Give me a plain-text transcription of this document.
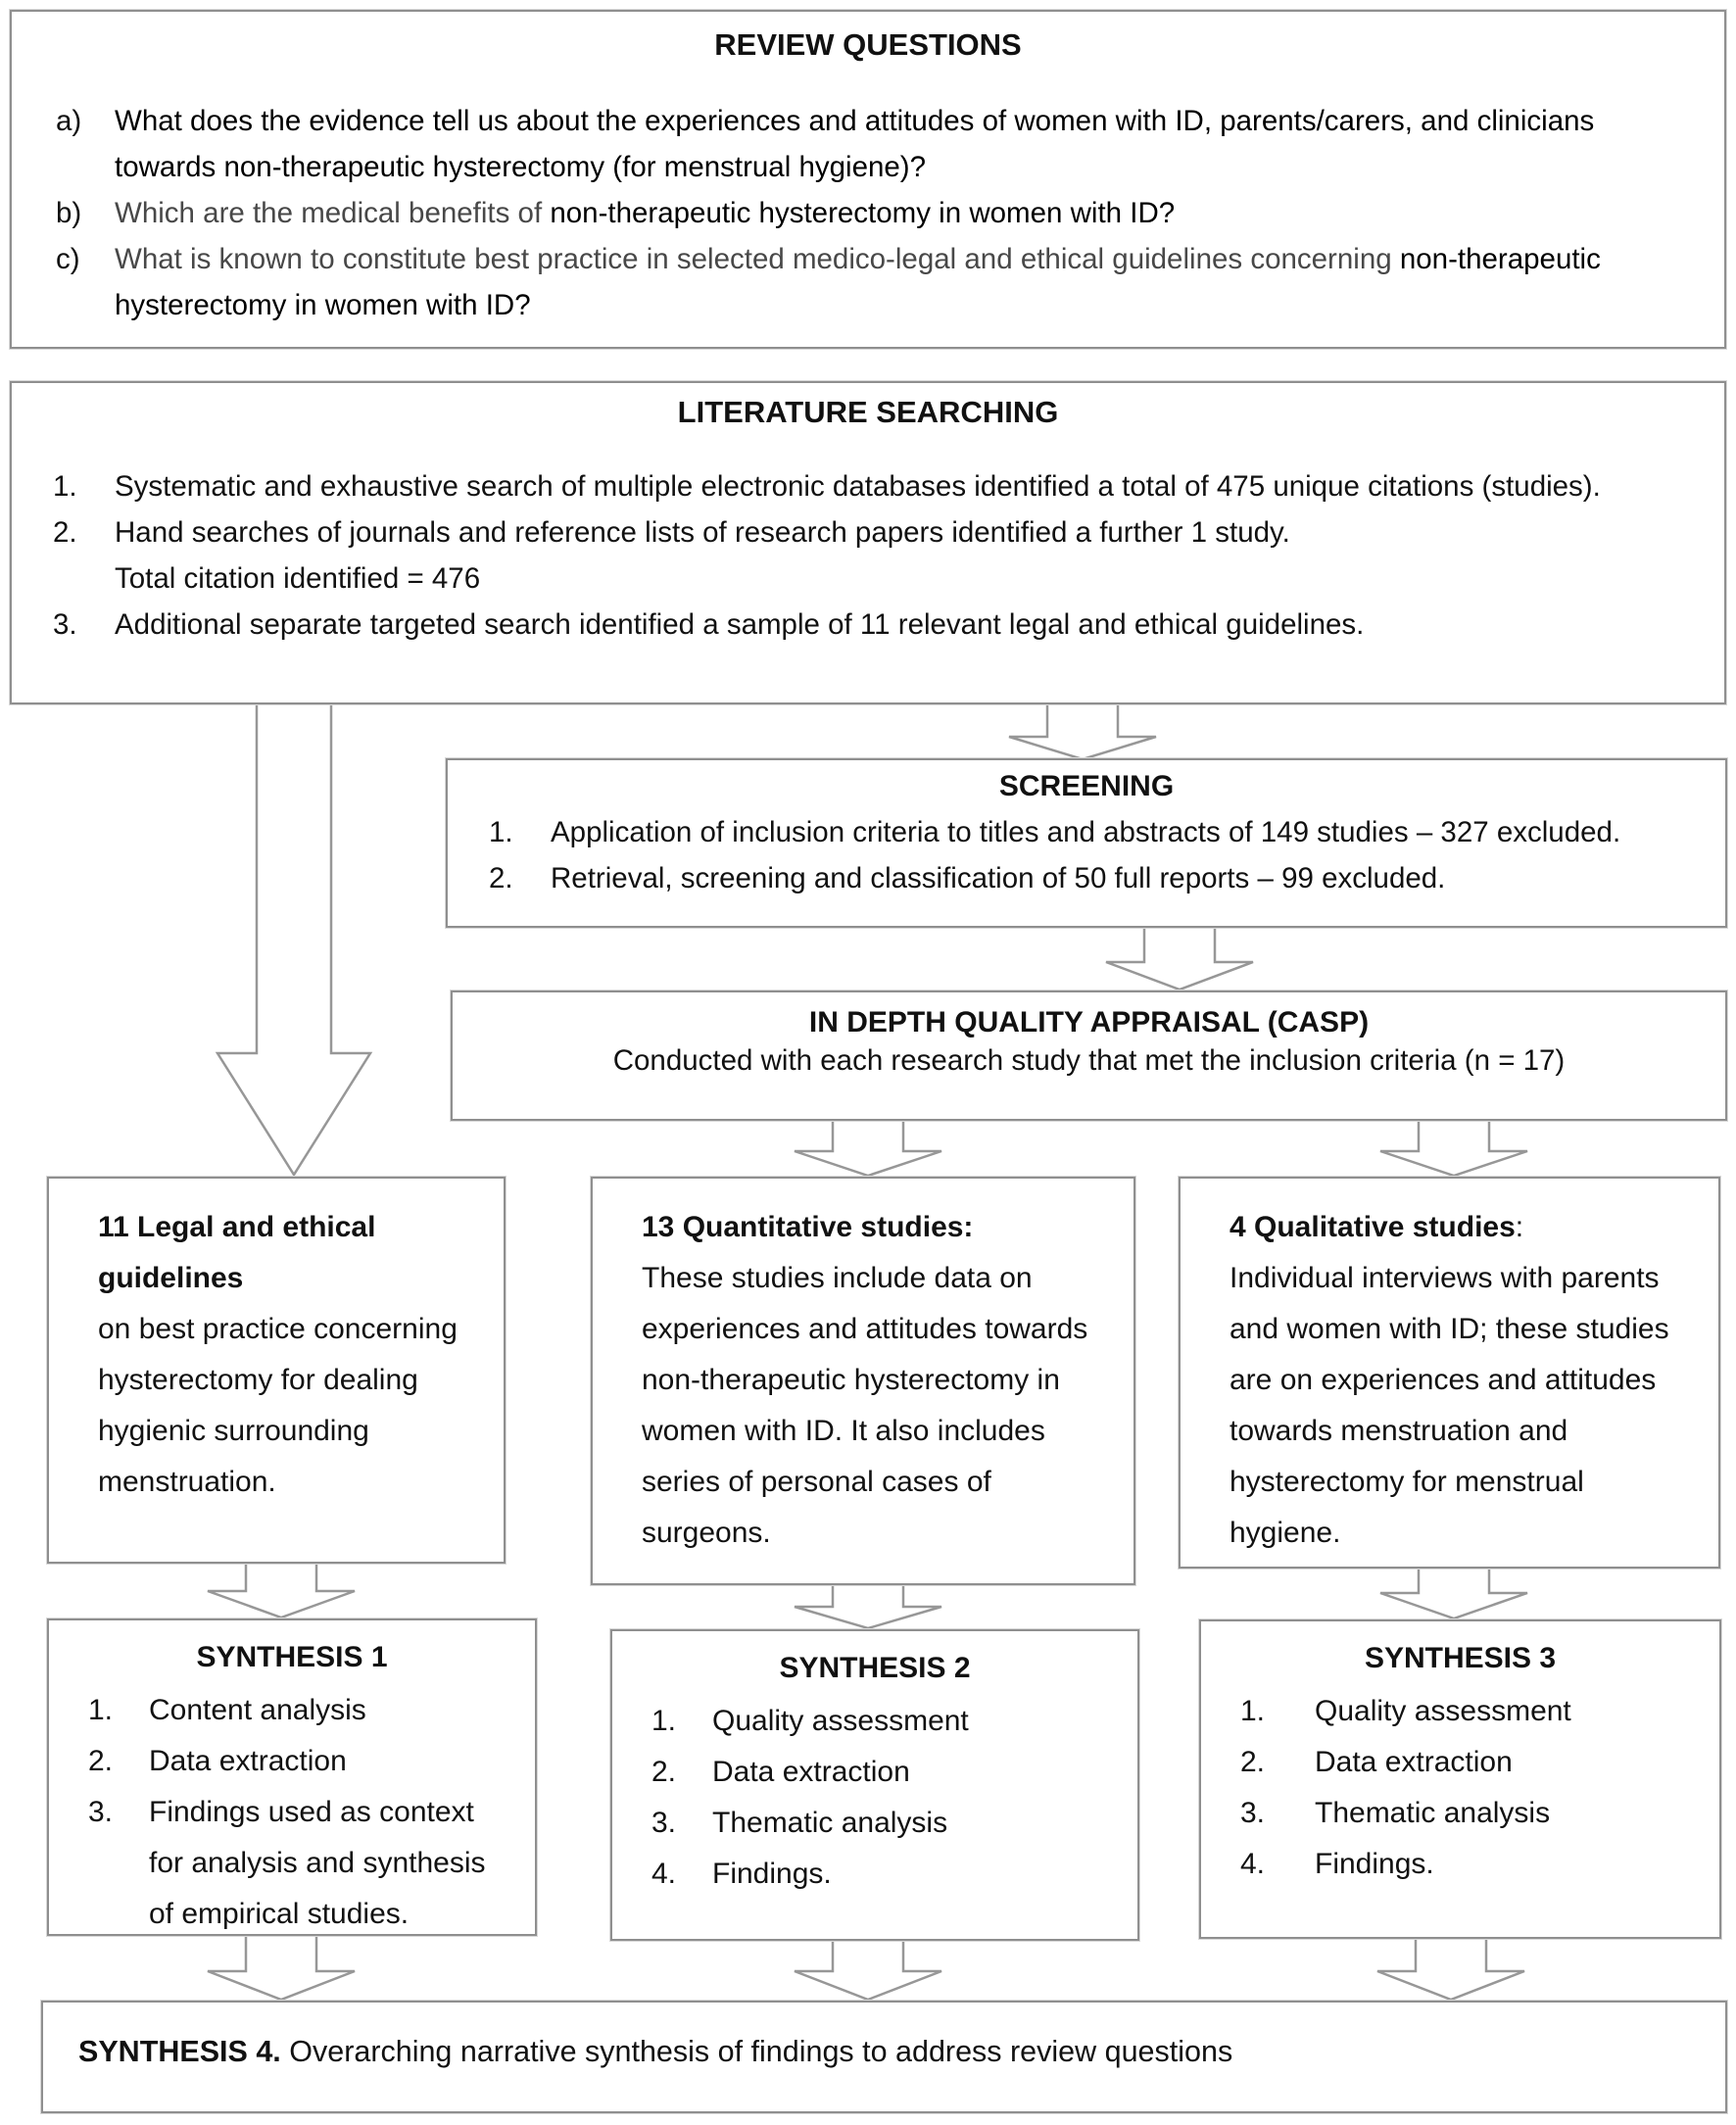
REVIEW QUESTIONS
a)	What does the evidence tell us about the experiences and attitudes of women with ID, parents/carers, and clinicians towards non-therapeutic hysterectomy (for menstrual hygiene)?
b)	Which are the medical benefits of non-therapeutic hysterectomy in women with ID?
c)	What is known to constitute best practice in selected medico-legal and ethical guidelines concerning non-therapeutic hysterectomy in women with ID?
LITERATURE SEARCHING
1.	Systematic and exhaustive search of multiple electronic databases identified a total of 475 unique citations (studies).
2.	Hand searches of journals and reference lists of research papers identified a further 1 study.
Total citation identified = 476
3.	Additional separate targeted search identified a sample of 11 relevant legal and ethical guidelines.
SCREENING
1.	Application of inclusion criteria to titles and abstracts of 149 studies – 327 excluded.
2.	Retrieval, screening and classification of 50 full reports – 99 excluded.
IN DEPTH QUALITY APPRAISAL (CASP)
Conducted with each research study that met the inclusion criteria (n = 17)
11 Legal and ethical guidelines
on best practice concerning hysterectomy for dealing hygienic surrounding menstruation.
13 Quantitative studies:
These studies include data on experiences and attitudes towards non-therapeutic hysterectomy in women with ID. It also includes series of personal cases of surgeons.
4 Qualitative studies:
Individual interviews with parents and women with ID; these studies are on experiences and attitudes towards menstruation and hysterectomy for menstrual hygiene.
SYNTHESIS 1
1.	Content analysis
2.	Data extraction
3.	Findings used as context for analysis and synthesis of empirical studies.
SYNTHESIS 2
1.	Quality assessment
2.	Data extraction
3.	Thematic analysis
4.	Findings.
SYNTHESIS 3
1.	Quality assessment
2.	Data extraction
3.	Thematic analysis
4.	Findings.
SYNTHESIS 4. Overarching narrative synthesis of findings to address review questions
